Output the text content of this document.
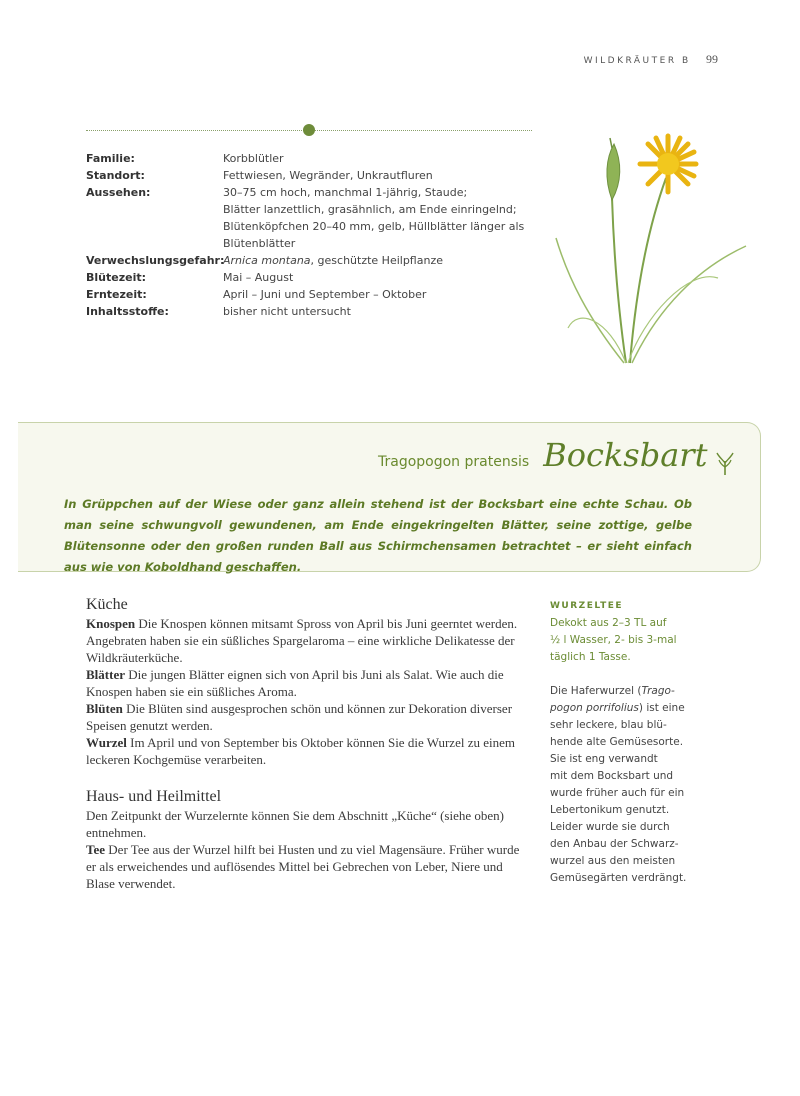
WILDKRÄUTER B 99
Familie:	Korbblütler
Standort:	Fettwiesen, Wegränder, Unkrautfluren
Aussehen:	30–75 cm hoch, manchmal 1-jährig, Staude;
Blätter lanzettlich, grasähnlich, am Ende einringelnd;
Blütenköpfchen 20–40 mm, gelb, Hüllblätter länger als
Blütenblätter
Verwechslungsgefahr:
Arnica montana, geschützte Heilpflanze
Blütezeit:	Mai – August
Erntezeit:	April – Juni und September – Oktober
Inhaltsstoffe:	bisher nicht untersucht
Tragopogon pratensis Bocksbart
In Grüppchen auf der Wiese oder ganz allein stehend ist der Bocksbart eine echte Schau. Ob man seine schwungvoll gewundenen, am Ende eingekringelten Blätter, seine zottige, gelbe Blütensonne oder den großen runden Ball aus Schirmchensamen betrachtet – er sieht einfach aus wie von Koboldhand geschaffen.
Küche

Knospen Die Knospen können mitsamt Spross von April bis Juni geerntet werden. Angebraten haben sie ein süßliches Spargelaroma – eine wirkliche Delikatesse der Wildkräuterküche.

Blätter Die jungen Blätter eignen sich von April bis Juni als Salat. Wie auch die Knospen haben sie ein süßliches Aroma.

Blüten Die Blüten sind ausgesprochen schön und können zur Dekoration diverser Speisen genutzt werden.

Wurzel Im April und von September bis Oktober können Sie die Wurzel zu einem leckeren Kochgemüse verarbeiten.

Haus- und Heilmittel

Den Zeitpunkt der Wurzelernte können Sie dem Abschnitt „Küche“ (siehe oben) entnehmen.

Tee Der Tee aus der Wurzel hilft bei Husten und zu viel Magensäure. Früher wurde er als erweichendes und auflösendes Mittel bei Gebrechen von Leber, Niere und Blase verwendet.

WURZELTEE
Dekokt aus 2–3 TL auf
½ l Wasser, 2- bis 3-mal
täglich 1 Tasse.
Die Haferwurzel (Trago-
pogon porrifolius) ist eine
sehr leckere, blau blü-
hende alte Gemüsesorte.
Sie ist eng verwandt
mit dem Bocksbart und
wurde früher auch für ein
Lebertonikum genutzt.
Leider wurde sie durch
den Anbau der Schwarz-
wurzel aus den meisten
Gemüsegärten verdrängt.
